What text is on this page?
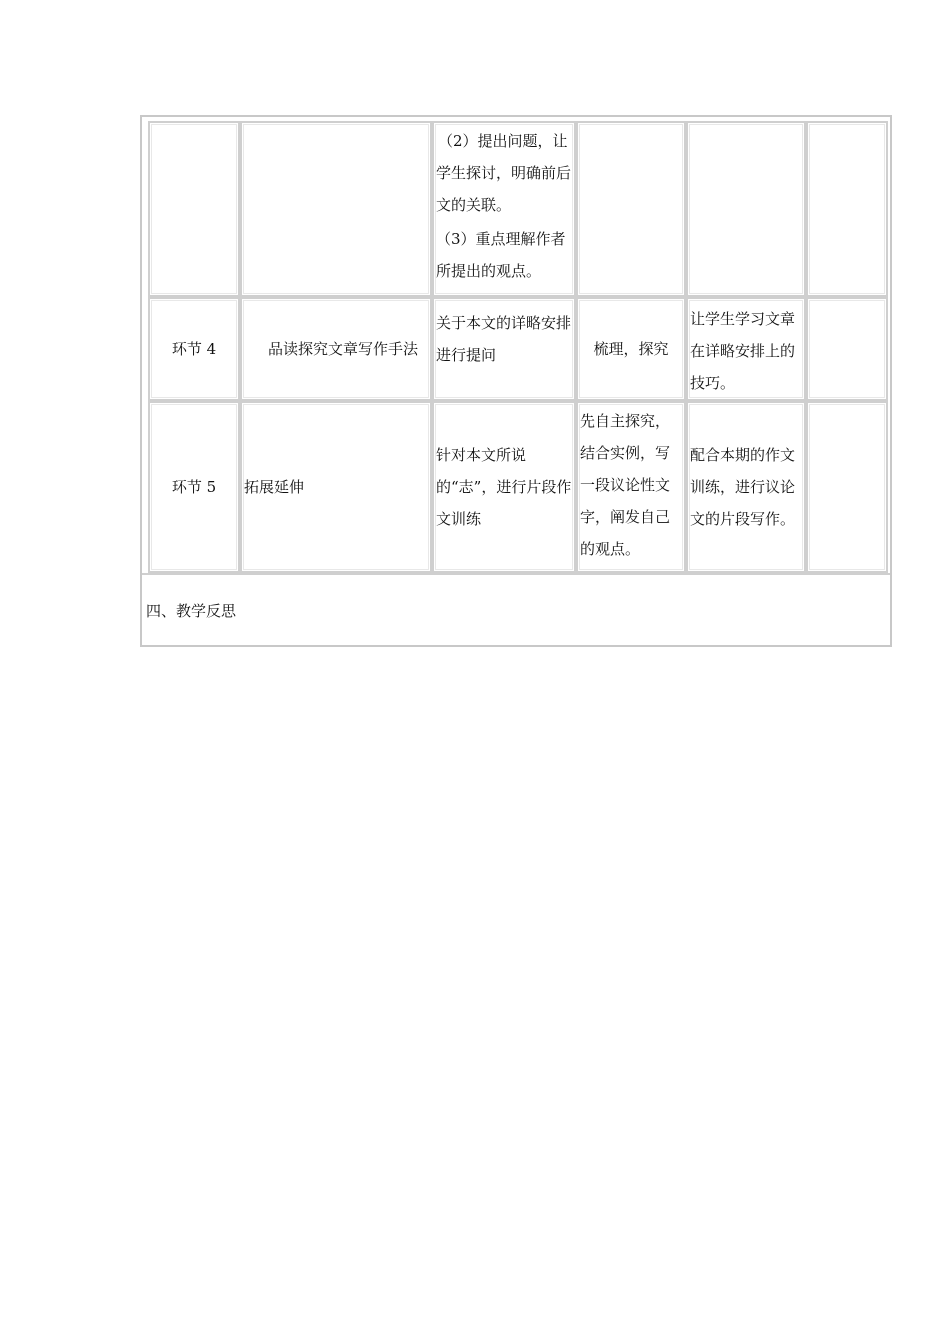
（2）提出问题，让学生探讨，明确前后文的关联。

（3）重点理解作者所提出的观点。

环节 4	品读探究文章写作手法

关于本文的详略安排进行提问	梳理，探究

让学生学习文章在详略安排上的技巧。

环节 5 拓展延伸

针对本文所说的“志”，进行片段作文训练

先自主探究，结合实例，写一段议论性文字，阐发自己的观点。

配合本期的作文训练，进行议论文的片段写作。

四、教学反思
